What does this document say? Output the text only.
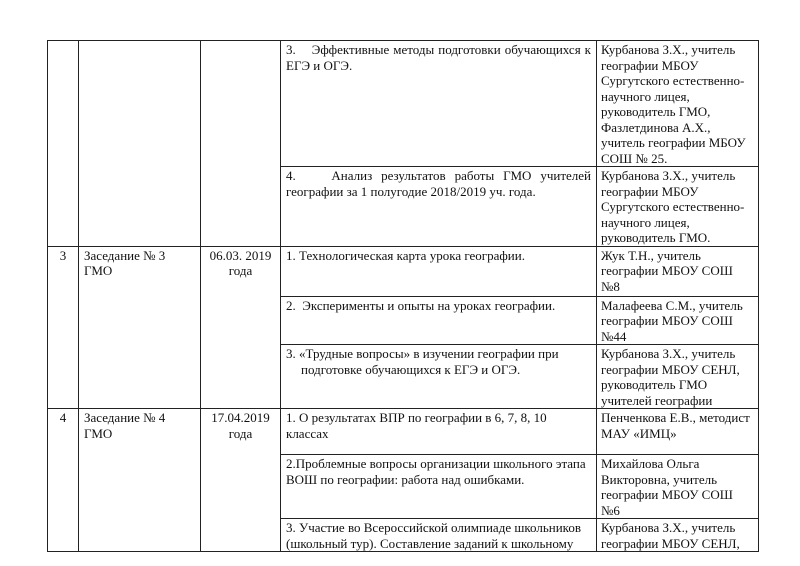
			3.    Эффективные методы подготовки обучающихся к ЕГЭ и ОГЭ.	Курбанова З.Х., учитель географии МБОУ Сургутского естественно-научного лицея, руководитель ГМО, Фазлетдинова А.Х., учитель географии МБОУ СОШ № 25.
			4.    Анализ результатов работы ГМО учителей географии за 1 полугодие 2018/2019 уч. года.	Курбанова З.Х., учитель географии МБОУ Сургутского естественно-научного лицея, руководитель ГМО.
3	Заседание № 3 ГМО	06.03. 2019 года	1. Технологическая карта урока географии.	Жук Т.Н., учитель географии МБОУ СОШ №8
			2.  Эксперименты и опыты на уроках географии.	Малафеева С.М., учитель географии МБОУ СОШ №44
			3. «Трудные вопросы» в изучении географии при подготовке обучающихся к ЕГЭ и ОГЭ.	Курбанова З.Х., учитель географии МБОУ СЕНЛ, руководитель ГМО учителей географии
4	Заседание № 4 ГМО	17.04.2019 года	1. О результатах ВПР по географии в 6, 7, 8, 10 классах	Пенченкова Е.В., методист МАУ «ИМЦ»
			2.Проблемные вопросы организации школьного этапа ВОШ по географии: работа над ошибками.	Михайлова Ольга Викторовна, учитель географии МБОУ СОШ №6
			3. Участие во Всероссийской олимпиаде школьников (школьный тур). Составление заданий к школьному	Курбанова З.Х., учитель географии МБОУ СЕНЛ,
